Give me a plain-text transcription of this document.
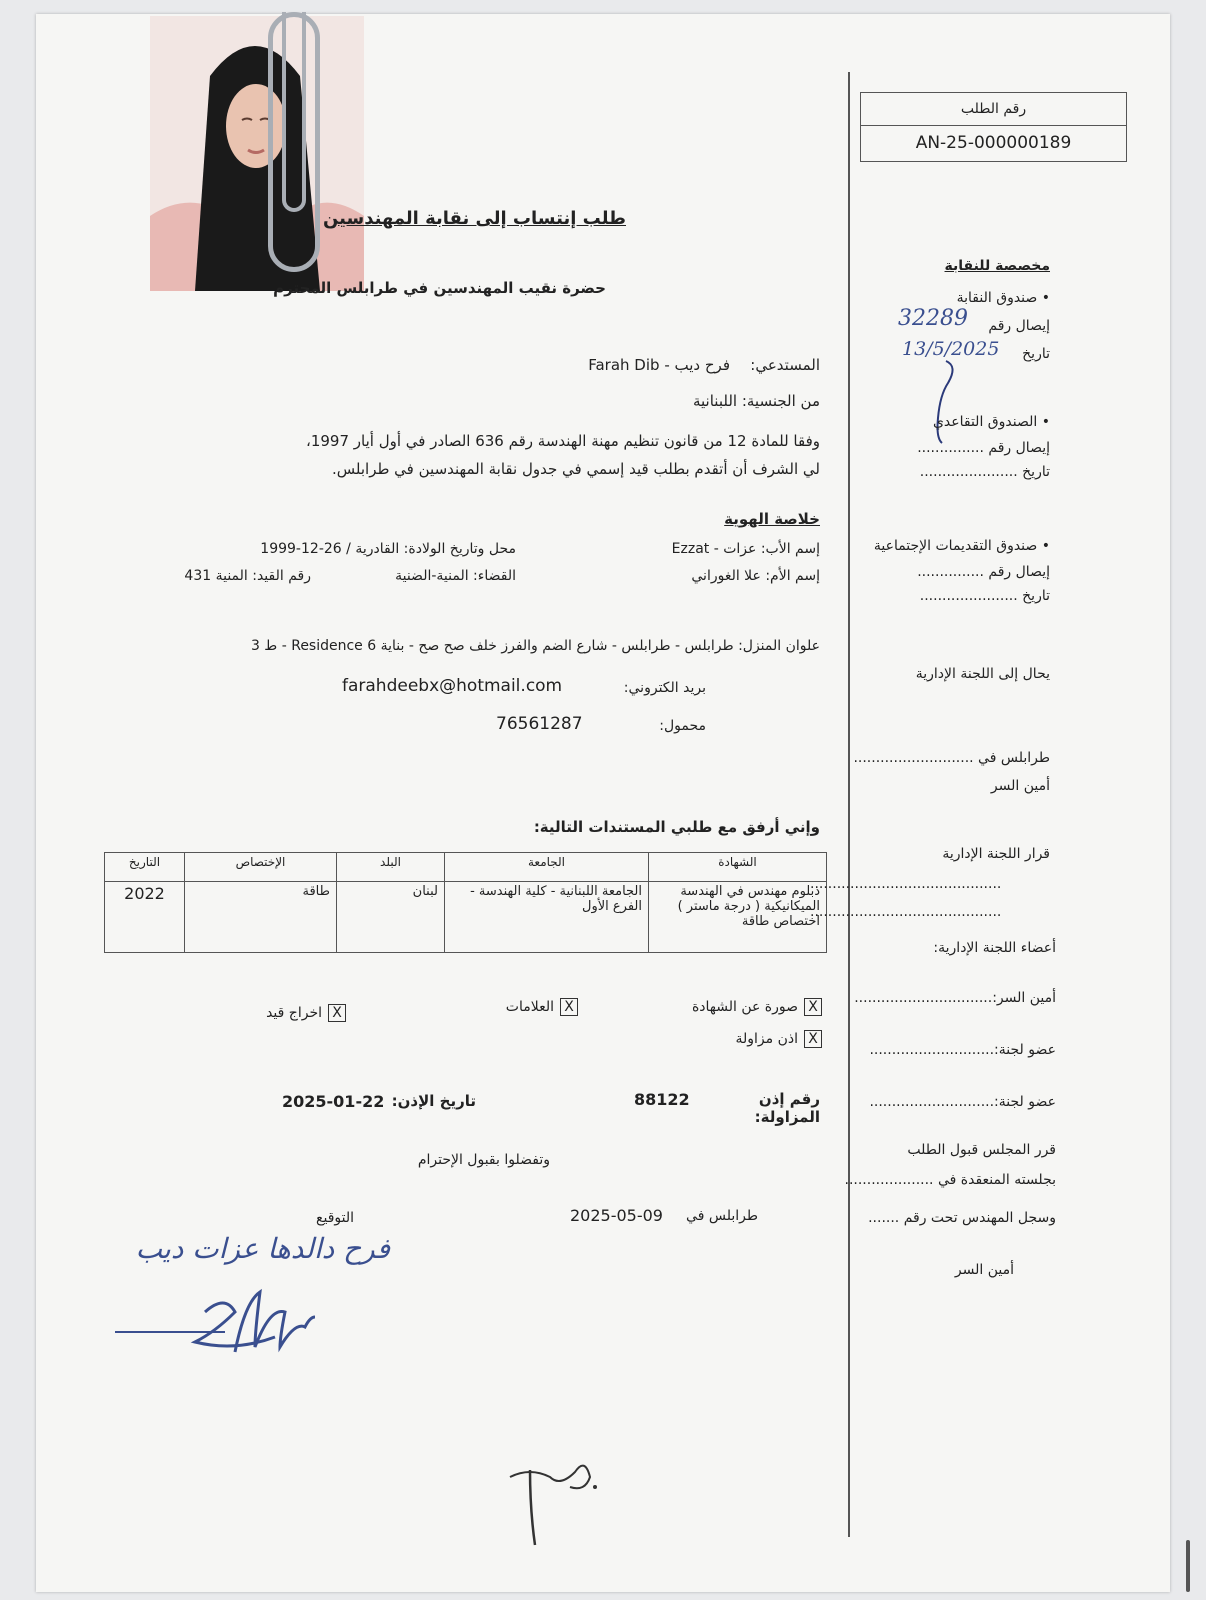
رقم الطلب
AN-25-000000189
طلب إنتساب إلى نقابة المهندسين
حضرة نقيب المهندسين في طرابلس المحترم
المستدعي:
فرح ديب - Farah Dib
من الجنسية: اللبنانية
وفقا للمادة 12 من قانون تنظيم مهنة الهندسة رقم 636 الصادر في أول أيار 1997،
لي الشرف أن أتقدم بطلب قيد إسمي في جدول نقابة المهندسين في طرابلس.
خلاصة الهوية
إسم الأب: عزات - Ezzat
إسم الأم: علا الغوراني
محل وتاريخ الولادة: القادرية / 26-12-1999
القضاء: المنية-الضنية
رقم القيد: المنية 431
علوان المنزل: طرابلس - طرابلس - شارع الضم والفرز خلف صح صح - بناية Residence 6 - ط 3
بريد الكتروني:
farahdeebx@hotmail.com
محمول:
76561287
وإني أرفق مع طلبي المستندات التالية:
الشهادة	الجامعة	البلد	الإختصاص	التاريخ
دبلوم مهندس في الهندسة الميكانيكية ( درجة ماستر ) اختصاص طاقة	الجامعة اللبنانية - كلية الهندسة - الفرع الأول	لبنان	طاقة	2022
Xصورة عن الشهادة
Xالعلامات
Xاخراج قيد
Xاذن مزاولة
رقم إذن المزاولة:
88122
تاريخ الإذن:
2025-01-22
وتفضلوا بقبول الإحترام
طرابلس في
2025-05-09
التوقيع
فرح دالدها عزات ديب
مخصصة للنقابة
• صندوق النقابة
إيصال رقم
32289
تاريخ
13/5/2025
• الصندوق التقاعدي
إيصال رقم ...............
تاريخ ......................
• صندوق التقديمات الإجتماعية
إيصال رقم ...............
تاريخ ......................
يحال إلى اللجنة الإدارية
طرابلس في ...........................
أمين السر
قرار اللجنة الإدارية
...........................................
...........................................
أعضاء اللجنة الإدارية:
أمين السر:...............................
عضو لجنة:............................
عضو لجنة:............................
قرر المجلس قبول الطلب
بجلسته المنعقدة في ....................
وسجل المهندس تحت رقم .......
أمين السر
